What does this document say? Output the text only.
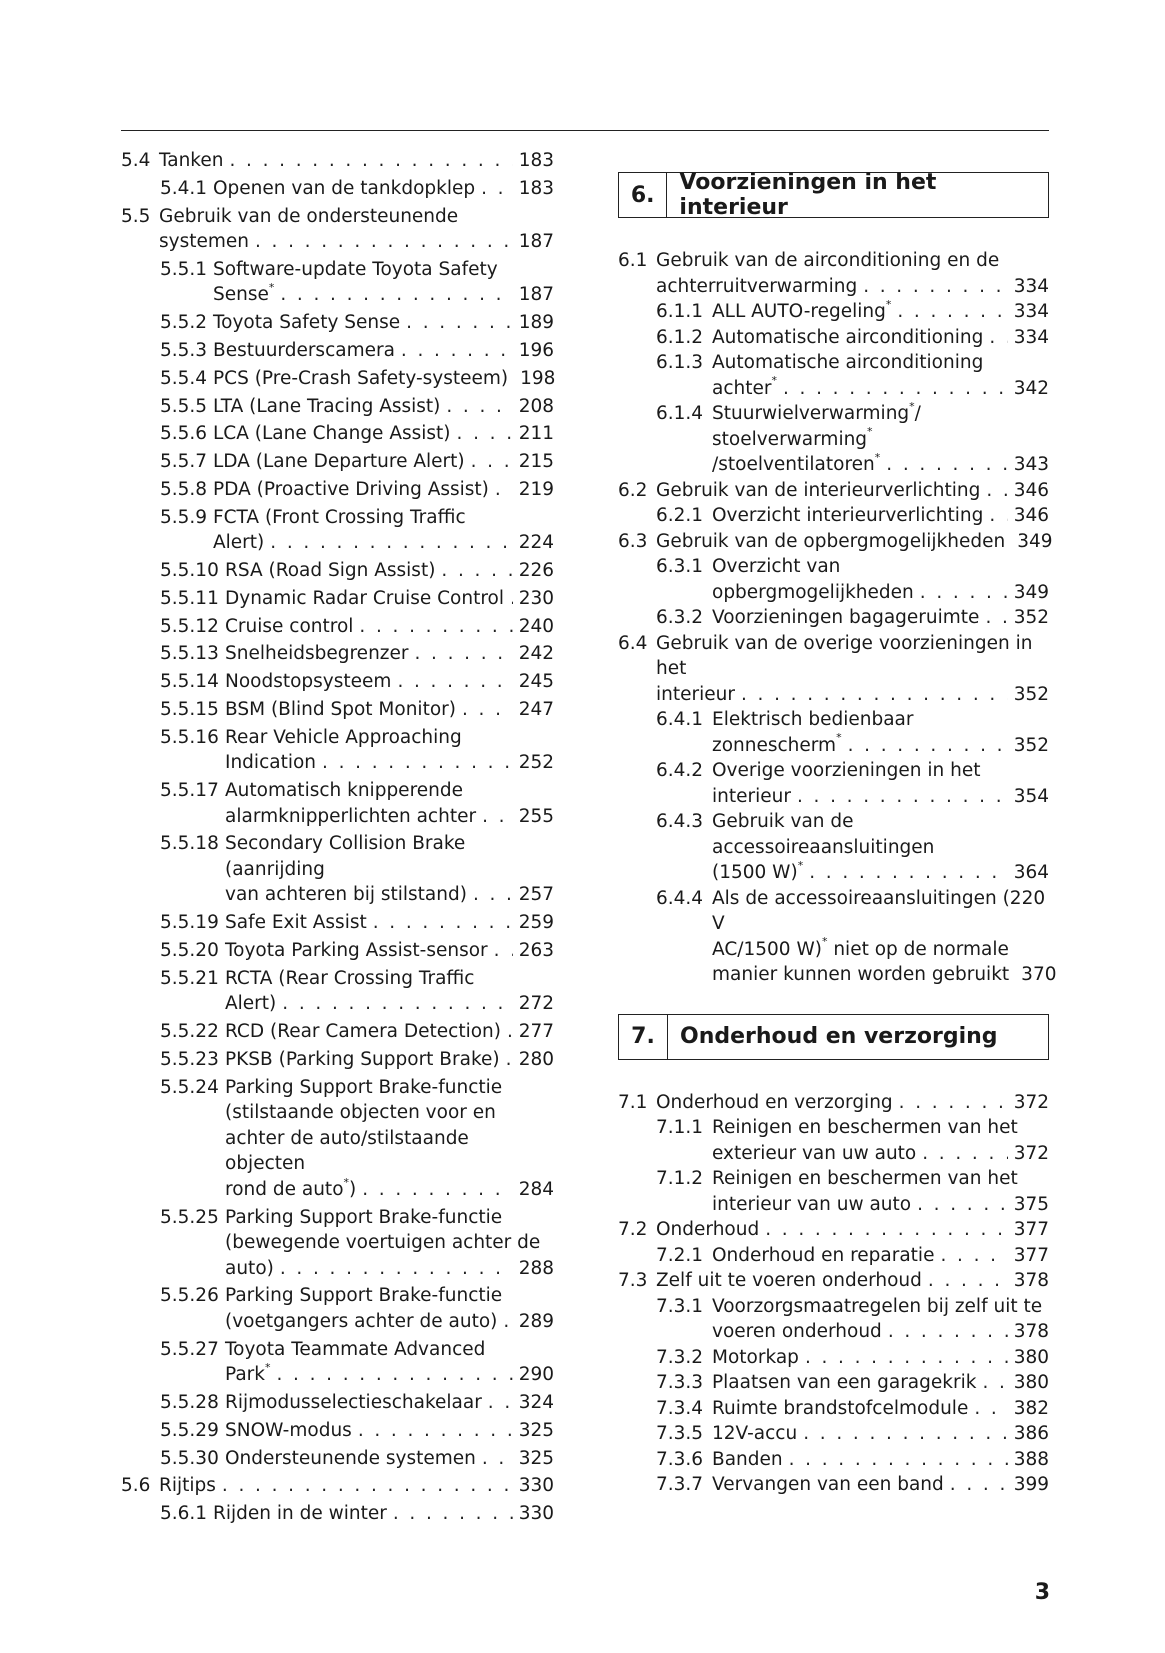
5.4 Tanken . . .	183
5.4.1 Openen van de tankdopklep . . . 183
5.5 Gebruik van de ondersteunende
systemen . . .	187
5.5.1 Software-update Toyota Safety
Sense* . . .	187
5.5.2 Toyota Safety Sense . . .	189
5.5.3 Bestuurderscamera . . .	196
5.5.4 PCS (Pre-Crash Safety-systeem) 198
5.5.5 LTA (Lane Tracing Assist) . . .	208
5.5.6 LCA (Lane Change Assist) . . .	211
5.5.7 LDA (Lane Departure Alert) . . .	215
5.5.8 PDA (Proactive Driving Assist) . . . 219
5.5.9 FCTA (Front Crossing Traffic
Alert) . . .	224
5.5.10 RSA (Road Sign Assist) . . .	226
5.5.11 Dynamic Radar Cruise Control . . . 230
5.5.12 Cruise control . . .	240
5.5.13 Snelheidsbegrenzer . . .	242
5.5.14 Noodstopsysteem . . .	245
5.5.15 BSM (Blind Spot Monitor) . . .	247
5.5.16 Rear Vehicle Approaching
Indication . . .	252
5.5.17 Automatisch knipperende
alarmknipperlichten achter . . . 255
5.5.18 Secondary Collision Brake (aanrijding
van achteren bij stilstand) . . .	257
5.5.19 Safe Exit Assist . . .	259
5.5.20 Toyota Parking Assist-sensor . . . 263
5.5.21 RCTA (Rear Crossing Traffic
Alert) . . .	272
5.5.22 RCD (Rear Camera Detection) . . . 277
5.5.23 PKSB (Parking Support Brake) . . . 280
5.5.24 Parking Support Brake-functie
(stilstaande objecten voor en
achter de auto/stilstaande objecten
rond de auto*) . . .	284
5.5.25 Parking Support Brake-functie
(bewegende voertuigen achter de
auto) . . .	288
5.5.26 Parking Support Brake-functie
(voetgangers achter de auto) . . . 289
5.5.27 Toyota Teammate Advanced
Park* . . .	290
5.5.28 Rijmodusselectieschakelaar . . . 324
5.5.29 SNOW-modus . . .	325
5.5.30 Ondersteunende systemen . . . 325
5.6 Rijtips . . .	330
5.6.1 Rijden in de winter . . .	330
6.	Voorzieningen in het interieur
6.1 Gebruik van de airconditioning en de
achterruitverwarming . . .	334
6.1.1 ALL AUTO-regeling* . . .	334
6.1.2 Automatische airconditioning . . . 334
6.1.3 Automatische airconditioning
achter* . . .	342
6.1.4 Stuurwielverwarming*/
stoelverwarming*
/stoelventilatoren* . . .	343
6.2 Gebruik van de interieurverlichting . . . 346
6.2.1 Overzicht interieurverlichting . . . 346
6.3 Gebruik van de opbergmogelijkheden 349
6.3.1 Overzicht van
opbergmogelijkheden . . .	349
6.3.2 Voorzieningen bagageruimte . . . 352
6.4 Gebruik van de overige voorzieningen in het
interieur . . .	352
6.4.1 Elektrisch bedienbaar
zonnescherm* . . .	352
6.4.2 Overige voorzieningen in het
interieur . . .	354
6.4.3 Gebruik van de accessoireaansluitingen
(1500 W)* . . .	364
6.4.4 Als de accessoireaansluitingen (220 V
AC/1500 W)* niet op de normale
manier kunnen worden gebruikt 370
7.	Onderhoud en verzorging
7.1 Onderhoud en verzorging . . .	372
7.1.1 Reinigen en beschermen van het
exterieur van uw auto . . .	372
7.1.2 Reinigen en beschermen van het
interieur van uw auto . . .	375
7.2 Onderhoud . . .	377
7.2.1 Onderhoud en reparatie . . .	377
7.3 Zelf uit te voeren onderhoud . . .	378
7.3.1 Voorzorgsmaatregelen bij zelf uit te
voeren onderhoud . . .	378
7.3.2 Motorkap . . .	380
7.3.3 Plaatsen van een garagekrik . . . 380
7.3.4 Ruimte brandstofcelmodule . . . 382
7.3.5 12V-accu . . .	386
7.3.6 Banden . . .	388
7.3.7 Vervangen van een band . . .	399
3
